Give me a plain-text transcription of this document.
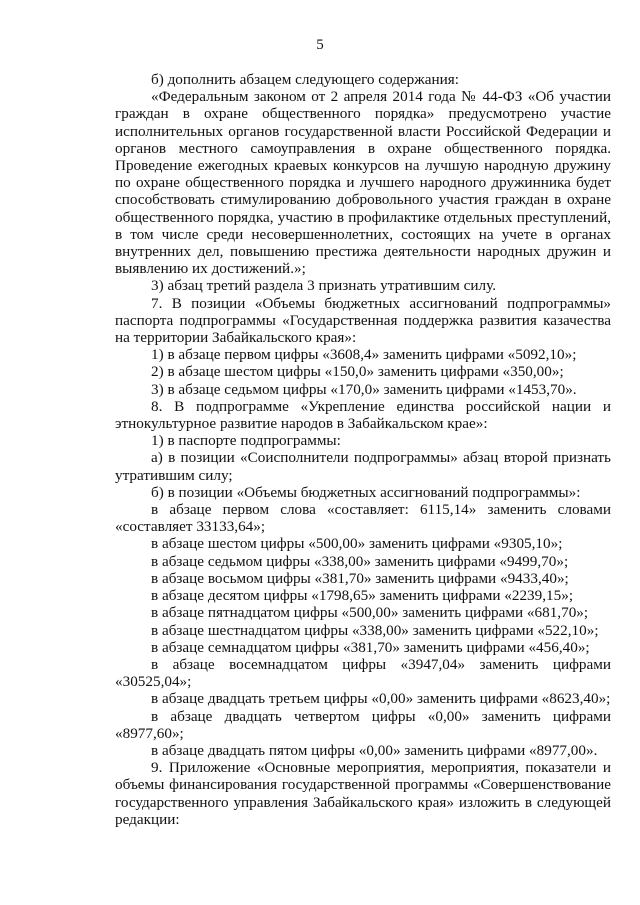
5

б) дополнить абзацем следующего содержания:

«Федеральным законом от 2 апреля 2014 года № 44-ФЗ «Об участии граждан в охране общественного порядка» предусмотрено участие исполнительных органов государственной власти Российской Федерации и органов местного самоуправления в охране общественного порядка. Проведение ежегодных краевых конкурсов на лучшую народную дружину по охране общественного порядка и лучшего народного дружинника будет способствовать стимулированию добровольного участия граждан в охране общественного порядка, участию в профилактике отдельных преступлений, в том числе среди несовершеннолетних, состоящих на учете в органах внутренних дел, повышению престижа деятельности народных дружин и выявлению их достижений.»;

3) абзац третий раздела 3 признать утратившим силу.

7. В позиции «Объемы бюджетных ассигнований подпрограммы» паспорта подпрограммы «Государственная поддержка развития казачества на территории Забайкальского края»:

1) в абзаце первом цифры «3608,4» заменить цифрами «5092,10»;

2) в абзаце шестом цифры «150,0» заменить цифрами «350,00»;

3) в абзаце седьмом цифры «170,0» заменить цифрами «1453,70».

8. В подпрограмме «Укрепление единства российской нации и этнокультурное развитие народов в Забайкальском крае»:

1) в паспорте подпрограммы:

а) в позиции «Соисполнители подпрограммы» абзац второй признать утратившим силу;

б) в позиции «Объемы бюджетных ассигнований подпрограммы»:

в абзаце первом слова «составляет: 6115,14» заменить словами «составляет 33133,64»;

в абзаце шестом цифры «500,00» заменить цифрами «9305,10»;

в абзаце седьмом цифры «338,00» заменить цифрами «9499,70»;

в абзаце восьмом цифры «381,70» заменить цифрами «9433,40»;

в абзаце десятом цифры «1798,65» заменить цифрами «2239,15»;

в абзаце пятнадцатом цифры «500,00» заменить цифрами «681,70»;

в абзаце шестнадцатом цифры «338,00» заменить цифрами «522,10»;

в абзаце семнадцатом цифры «381,70» заменить цифрами «456,40»;

в абзаце восемнадцатом цифры «3947,04» заменить цифрами «30525,04»;

в абзаце двадцать третьем цифры «0,00» заменить цифрами «8623,40»;

в абзаце двадцать четвертом цифры «0,00» заменить цифрами «8977,60»;

в абзаце двадцать пятом цифры «0,00» заменить цифрами «8977,00».

9. Приложение «Основные мероприятия, мероприятия, показатели и объемы финансирования государственной программы «Совершенствование государственного управления Забайкальского края» изложить в следующей редакции:
